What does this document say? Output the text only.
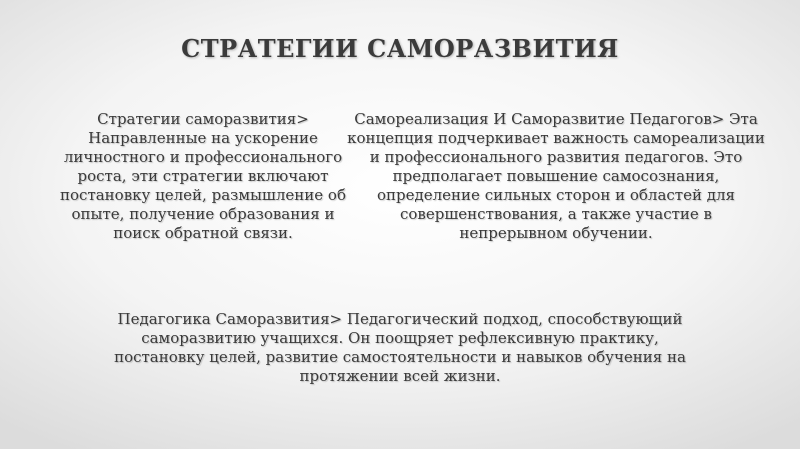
СТРАТЕГИИ САМОРАЗВИТИЯ
Стратегии саморазвития> Направленные на ускорение личностного и профессионального роста, эти стратегии включают постановку целей, размышление об опыте, получение образования и поиск обратной связи.
Самореализация И Саморазвитие Педагогов> Эта концепция подчеркивает важность самореализации и профессионального развития педагогов. Это предполагает повышение самосознания, определение сильных сторон и областей для совершенствования, а также участие в непрерывном обучении.
Педагогика Саморазвития> Педагогический подход, способствующий саморазвитию учащихся. Он поощряет рефлексивную практику, постановку целей, развитие самостоятельности и навыков обучения на протяжении всей жизни.
